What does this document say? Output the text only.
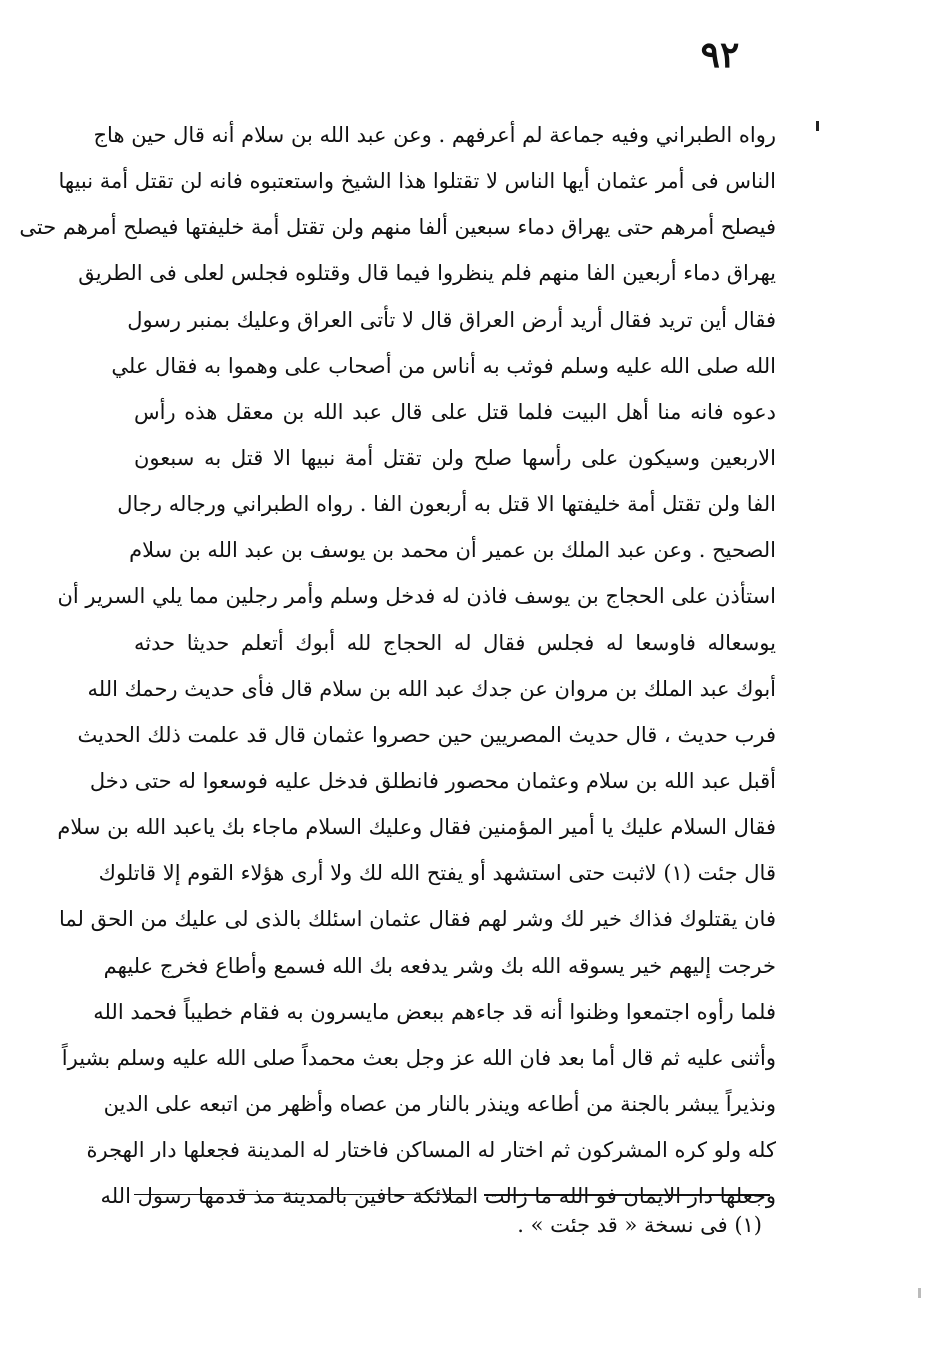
٩٢
رواه الطبراني وفيه جماعة لم أعرفهم . وعن عبد الله بن سلام أنه قال حين هاج
الناس فى أمر عثمان أيها الناس لا تقتلوا هذا الشيخ واستعتبوه فانه لن تقتل أمة نبيها
فيصلح أمرهم حتى يهراق دماء سبعين ألفا منهم ولن تقتل أمة خليفتها فيصلح أمرهم حتى
يهراق دماء أربعين الفا منهم فلم ينظروا فيما قال وقتلوه فجلس لعلى فى الطريق
فقال أين تريد فقال أريد أرض العراق قال لا تأتى العراق وعليك بمنبر رسول
الله صلى الله عليه وسلم فوثب به أناس من أصحاب على وهموا به فقال علي
دعوه فانه منا أهل البيت فلما قتل على قال عبد الله بن معقل هذه رأس
الاربعين وسيكون على رأسها صلح ولن تقتل أمة نبيها الا قتل به سبعون
الفا ولن تقتل أمة خليفتها الا قتل به أربعون الفا . رواه الطبراني ورجاله رجال
الصحيح . وعن عبد الملك بن عمير أن محمد بن يوسف بن عبد الله بن سلام
استأذن على الحجاج بن يوسف فاذن له فدخل وسلم وأمر رجلين مما يلي السرير أن
يوسعاله فاوسعا له فجلس فقال له الحجاج لله أبوك أتعلم حديثا حدثه
أبوك عبد الملك بن مروان عن جدك عبد الله بن سلام قال فأى حديث رحمك الله
فرب حديث ، قال حديث المصريين حين حصروا عثمان قال قد علمت ذلك الحديث
أقبل عبد الله بن سلام وعثمان محصور فانطلق فدخل عليه فوسعوا له حتى دخل
فقال السلام عليك يا أمير المؤمنين فقال وعليك السلام ماجاء بك ياعبد الله بن سلام
قال جئت (١) لاثبت حتى استشهد أو يفتح الله لك ولا أرى هؤلاء القوم إلا قاتلوك
فان يقتلوك فذاك خير لك وشر لهم فقال عثمان اسئلك بالذى لى عليك من الحق لما
خرجت إليهم خير يسوقه الله بك وشر يدفعه بك الله فسمع وأطاع فخرج عليهم
فلما رأوه اجتمعوا وظنوا أنه قد جاءهم ببعض مايسرون به فقام خطيباً فحمد الله
وأثنى عليه ثم قال أما بعد فان الله عز وجل بعث محمداً صلى الله عليه وسلم بشيراً
ونذيراً يبشر بالجنة من أطاعه وينذر بالنار من عصاه وأظهر من اتبعه على الدين
كله ولو كره المشركون ثم اختار له المساكن فاختار له المدينة فجعلها دار الهجرة
وجعلها دار الايمان فو الله ما زالت الملائكة حافين بالمدينة مذ قدمها رسول الله
(١) فى نسخة « قد جئت » .
